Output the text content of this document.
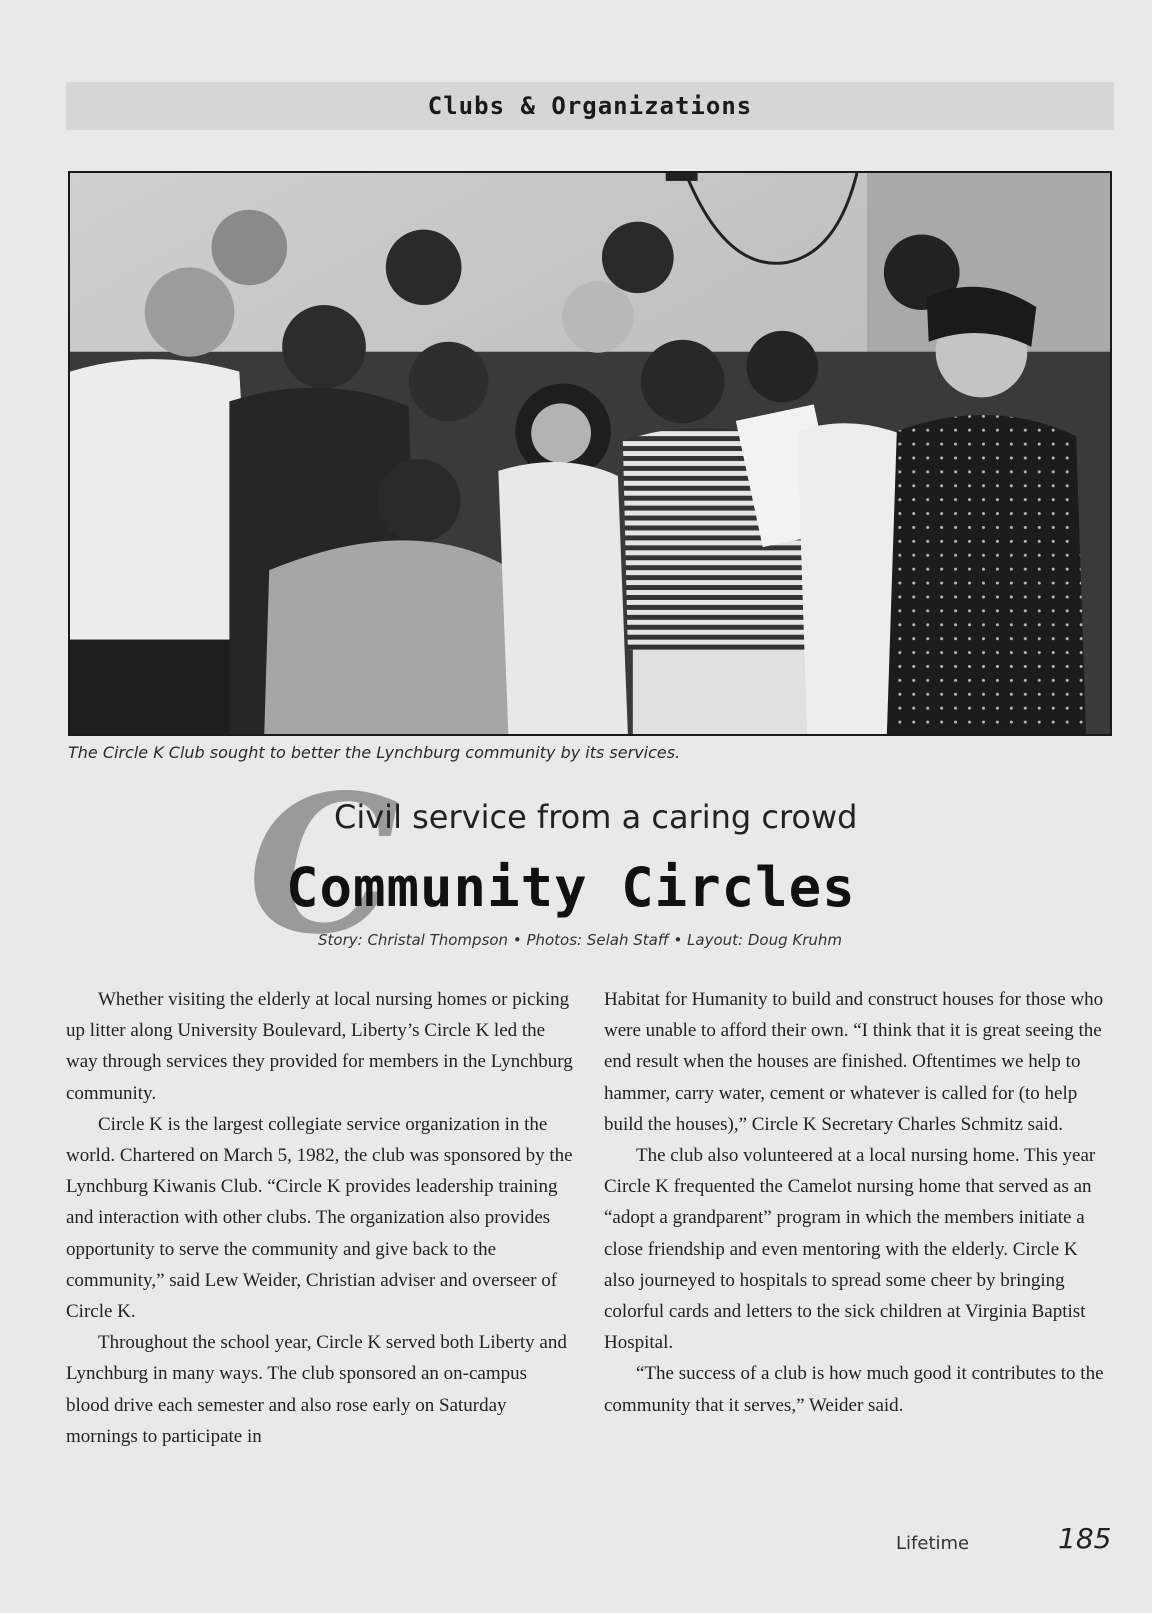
Clubs & Organizations
The Circle K Club sought to better the Lynchburg community by its services.
C
Civil service from a caring crowd
Community Circles
Story: Christal Thompson • Photos: Selah Staff • Layout: Doug Kruhm

Whether visiting the elderly at local nursing homes or picking up litter along University Boulevard, Liberty’s Circle K led the way through services they provided for members in the Lynchburg community.

Circle K is the largest collegiate service organization in the world. Chartered on March 5, 1982, the club was sponsored by the Lynchburg Kiwanis Club. “Circle K provides leadership training and interaction with other clubs. The organization also provides opportunity to serve the community and give back to the community,” said Lew Weider, Christian adviser and overseer of Circle K.

Throughout the school year, Circle K served both Liberty and Lynchburg in many ways. The club sponsored an on-campus blood drive each semester and also rose early on Saturday mornings to participate in

Habitat for Humanity to build and construct houses for those who were unable to afford their own. “I think that it is great seeing the end result when the houses are finished. Oftentimes we help to hammer, carry water, cement or whatever is called for (to help build the houses),” Circle K Secretary Charles Schmitz said.

The club also volunteered at a local nursing home. This year Circle K frequented the Camelot nursing home that served as an “adopt a grandparent” program in which the members initiate a close friendship and even mentoring with the elderly. Circle K also journeyed to hospitals to spread some cheer by bringing colorful cards and letters to the sick children at Virginia Baptist Hospital.

“The success of a club is how much good it contributes to the community that it serves,” Weider said.

Lifetime	185
